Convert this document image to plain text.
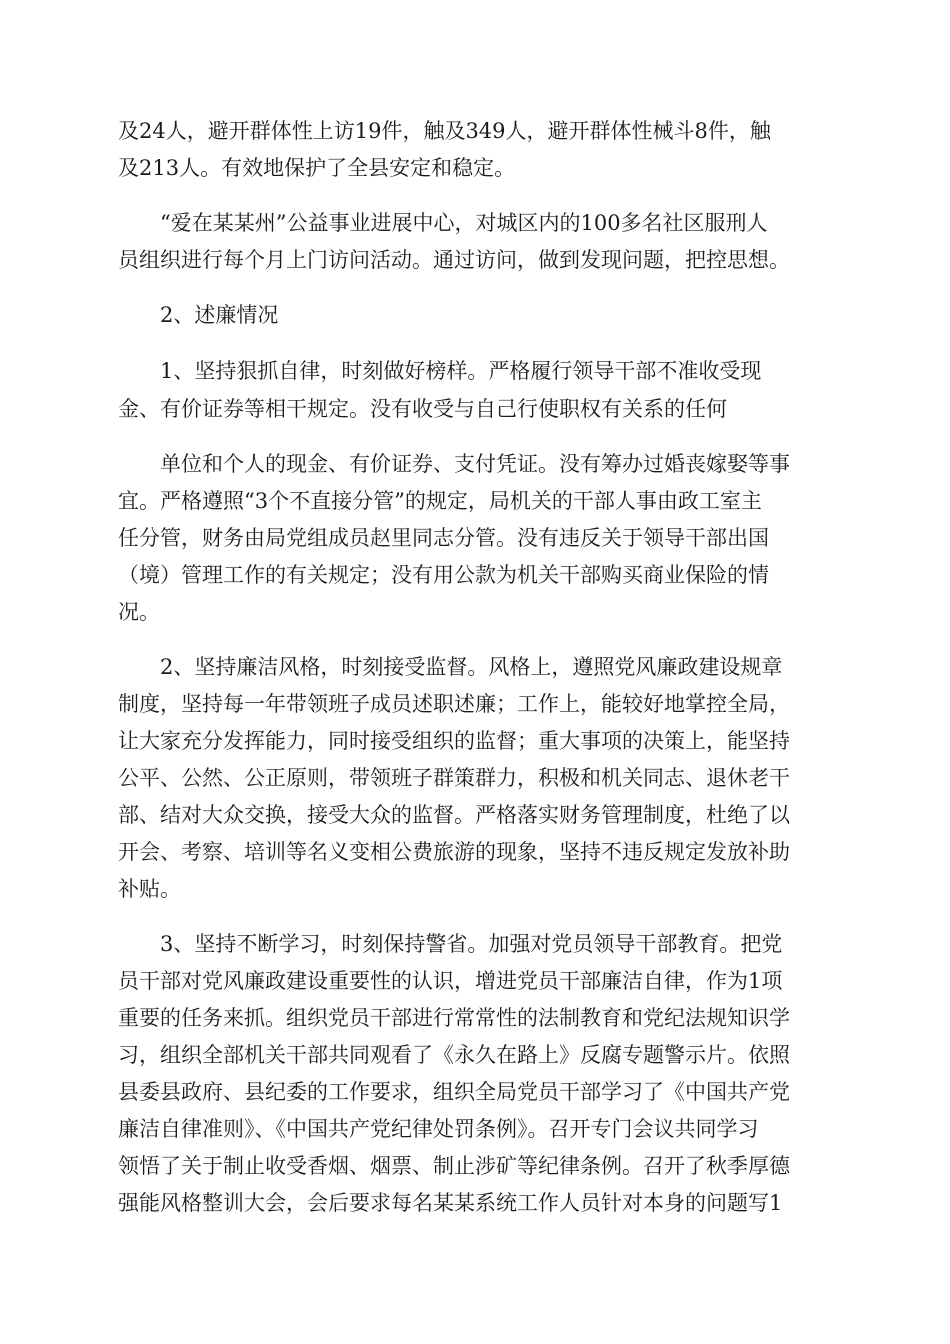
及24人，避开群体性上访19件，触及349人，避开群体性械斗8件，触
及213人。有效地保护了全县安定和稳定。
“爱在某某州”公益事业进展中心，对城区内的100多名社区服刑人
员组织进行每个月上门访问活动。通过访问，做到发现问题，把控思想。
2、述廉情况
1、坚持狠抓自律，时刻做好榜样。严格履行领导干部不准收受现
金、有价证券等相干规定。没有收受与自己行使职权有关系的任何
单位和个人的现金、有价证券、支付凭证。没有筹办过婚丧嫁娶等事
宜。严格遵照“3个不直接分管”的规定，局机关的干部人事由政工室主
任分管，财务由局党组成员赵里同志分管。没有违反关于领导干部出国
（境）管理工作的有关规定；没有用公款为机关干部购买商业保险的情
况。
2、坚持廉洁风格，时刻接受监督。风格上，遵照党风廉政建设规章
制度，坚持每一年带领班子成员述职述廉；工作上，能较好地掌控全局，
让大家充分发挥能力，同时接受组织的监督；重大事项的决策上，能坚持
公平、公然、公正原则，带领班子群策群力，积极和机关同志、退休老干
部、结对大众交换，接受大众的监督。严格落实财务管理制度，杜绝了以
开会、考察、培训等名义变相公费旅游的现象，坚持不违反规定发放补助
补贴。
3、坚持不断学习，时刻保持警省。加强对党员领导干部教育。把党
员干部对党风廉政建设重要性的认识，增进党员干部廉洁自律，作为1项
重要的任务来抓。组织党员干部进行常常性的法制教育和党纪法规知识学
习，组织全部机关干部共同观看了《永久在路上》反腐专题警示片。依照
县委县政府、县纪委的工作要求，组织全局党员干部学习了《中国共产党
廉洁自律准则》、《中国共产党纪律处罚条例》。召开专门会议共同学习
领悟了关于制止收受香烟、烟票、制止涉矿等纪律条例。召开了秋季厚德
强能风格整训大会，会后要求每名某某系统工作人员针对本身的问题写1
